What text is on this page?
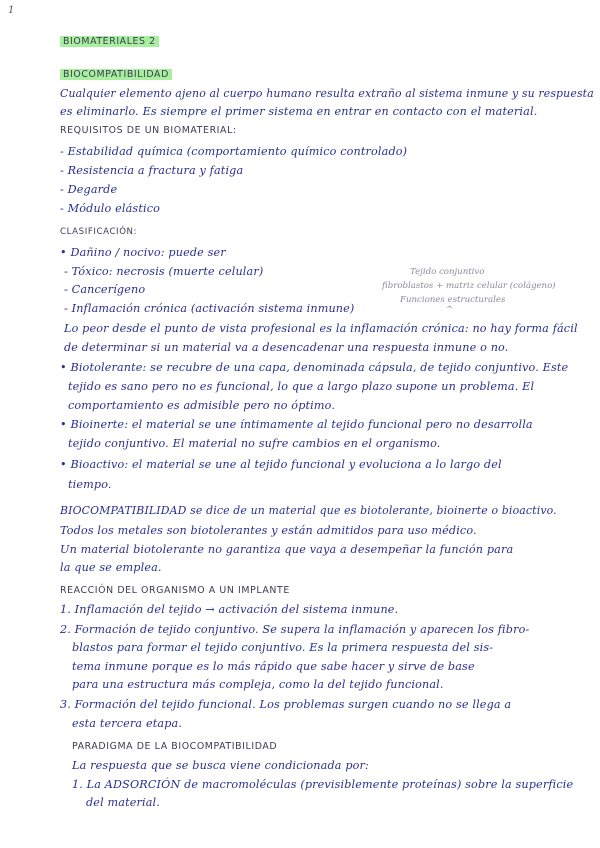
1
BIOMATERIALES 2
BIOCOMPATIBILIDAD
Cualquier elemento ajeno al cuerpo humano resulta extraño al sistema inmune y su respuesta
es eliminarlo. Es siempre el primer sistema en entrar en contacto con el material.
REQUISITOS DE UN BIOMATERIAL:
- Estabilidad química (comportamiento químico controlado)
- Resistencia a fractura y fatiga
- Degarde
- Módulo elástico
CLASIFICACIÓN:
• Dañino / nocivo: puede ser
- Tóxico: necrosis (muerte celular)
- Cancerígeno
- Inflamación crónica (activación sistema inmune)
Lo peor desde el punto de vista profesional es la inflamación crónica: no hay forma fácil
de determinar si un material va a desencadenar una respuesta inmune o no.
• Biotolerante: se recubre de una capa, denominada cápsula, de tejido conjuntivo. Este
tejido es sano pero no es funcional, lo que a largo plazo supone un problema. El
comportamiento es admisible pero no óptimo.
• Bioinerte: el material se une íntimamente al tejido funcional pero no desarrolla
tejido conjuntivo. El material no sufre cambios en el organismo.
• Bioactivo: el material se une al tejido funcional y evoluciona a lo largo del
tiempo.
Tejido conjuntivo
fibroblastos + matriz celular (colágeno)
Funciones estructurales
^
BIOCOMPATIBILIDAD se dice de un material que es biotolerante, bioinerte o bioactivo.
Todos los metales son biotolerantes y están admitidos para uso médico.
Un material biotolerante no garantiza que vaya a desempeñar la función para
la que se emplea.
REACCIÓN DEL ORGANISMO A UN IMPLANTE
1. Inflamación del tejido → activación del sistema inmune.
2. Formación de tejido conjuntivo. Se supera la inflamación y aparecen los fibro-
blastos para formar el tejido conjuntivo. Es la primera respuesta del sis-
tema inmune porque es lo más rápido que sabe hacer y sirve de base
para una estructura más compleja, como la del tejido funcional.
3. Formación del tejido funcional. Los problemas surgen cuando no se llega a
esta tercera etapa.
PARADIGMA DE LA BIOCOMPATIBILIDAD
La respuesta que se busca viene condicionada por:
1. La ADSORCIÓN de macromoléculas (previsiblemente proteínas) sobre la superficie
del material.
